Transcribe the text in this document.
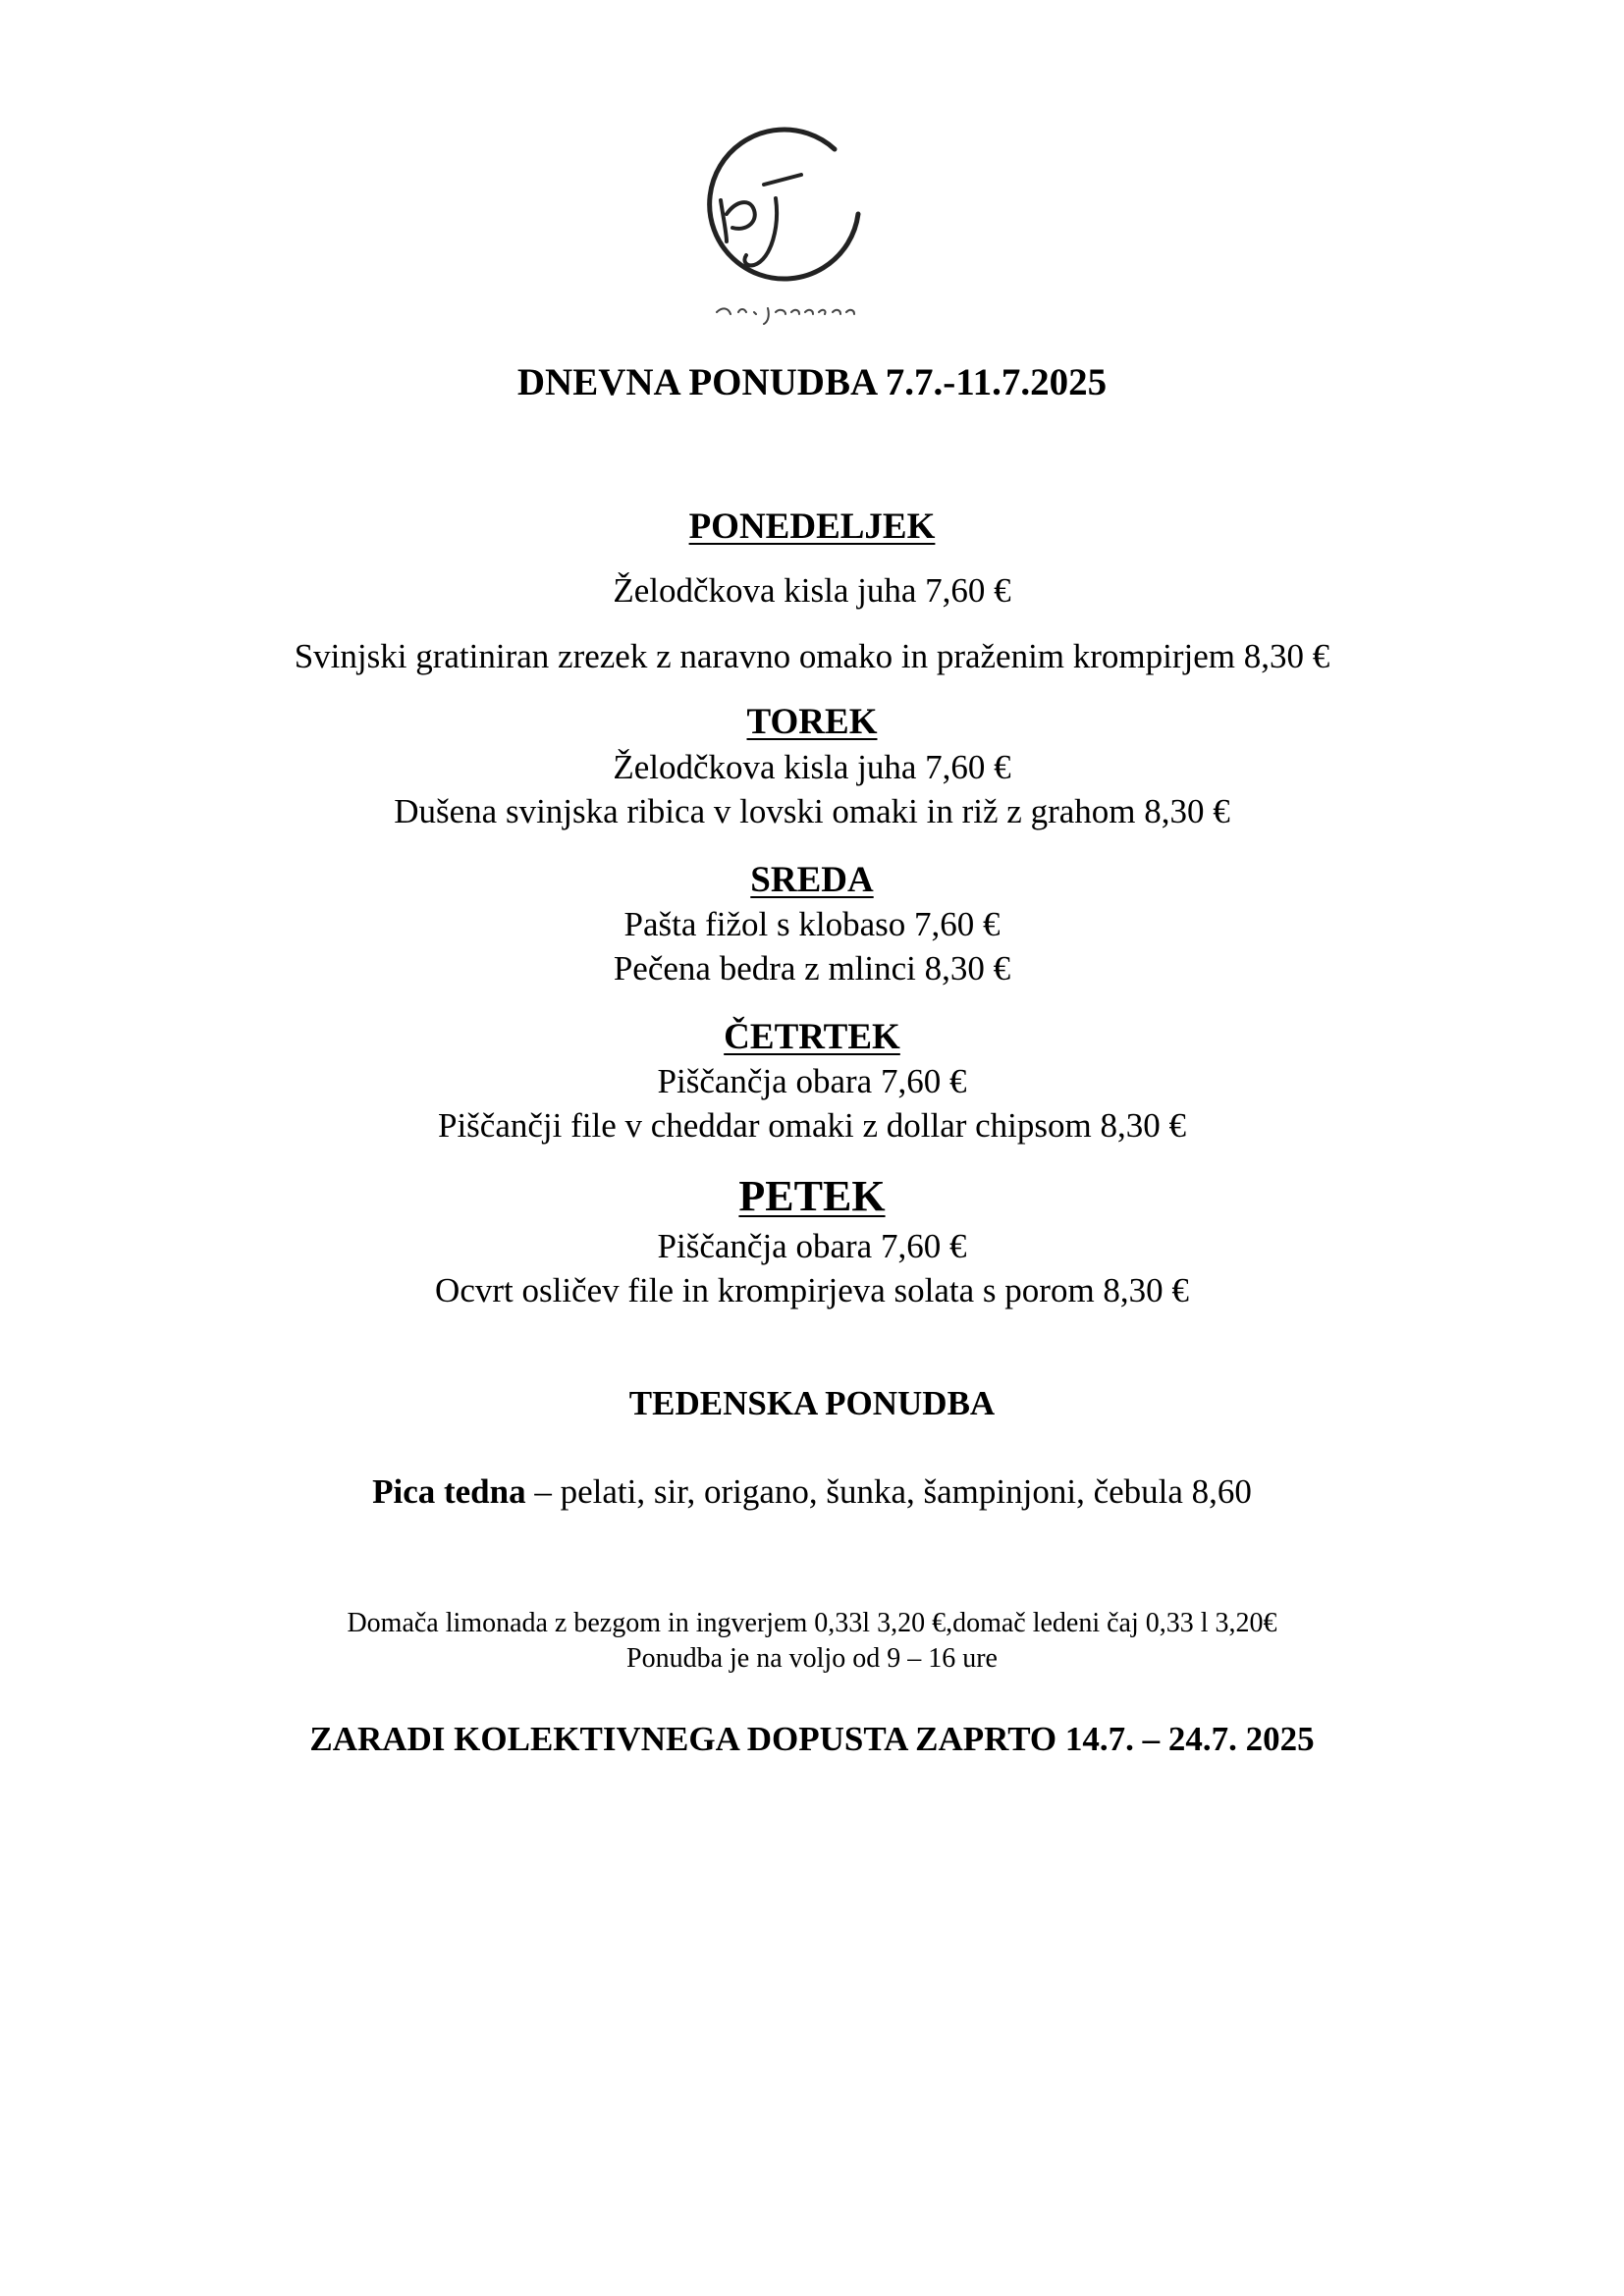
DNEVNA PONUDBA 7.7.-11.7.2025
PONEDELJEK
Želodčkova kisla juha 7,60 €
Svinjski gratiniran zrezek z naravno omako in praženim krompirjem 8,30 €
TOREK
Želodčkova kisla juha 7,60 €
Dušena svinjska ribica v lovski omaki in riž z grahom 8,30 €
SREDA
Pašta fižol s klobaso 7,60 €
Pečena bedra z mlinci 8,30 €
ČETRTEK
Piščančja obara 7,60 €
Piščančji file v cheddar omaki z dollar chipsom 8,30 €
PETEK
Piščančja obara 7,60 €
Ocvrt osličev file in krompirjeva solata s porom 8,30 €
TEDENSKA PONUDBA
Pica tedna – pelati, sir, origano, šunka, šampinjoni, čebula 8,60
Domača limonada z bezgom in ingverjem 0,33l 3,20 €,domač ledeni čaj 0,33 l 3,20€
Ponudba je na voljo od 9 – 16 ure
ZARADI KOLEKTIVNEGA DOPUSTA ZAPRTO 14.7. – 24.7. 2025
